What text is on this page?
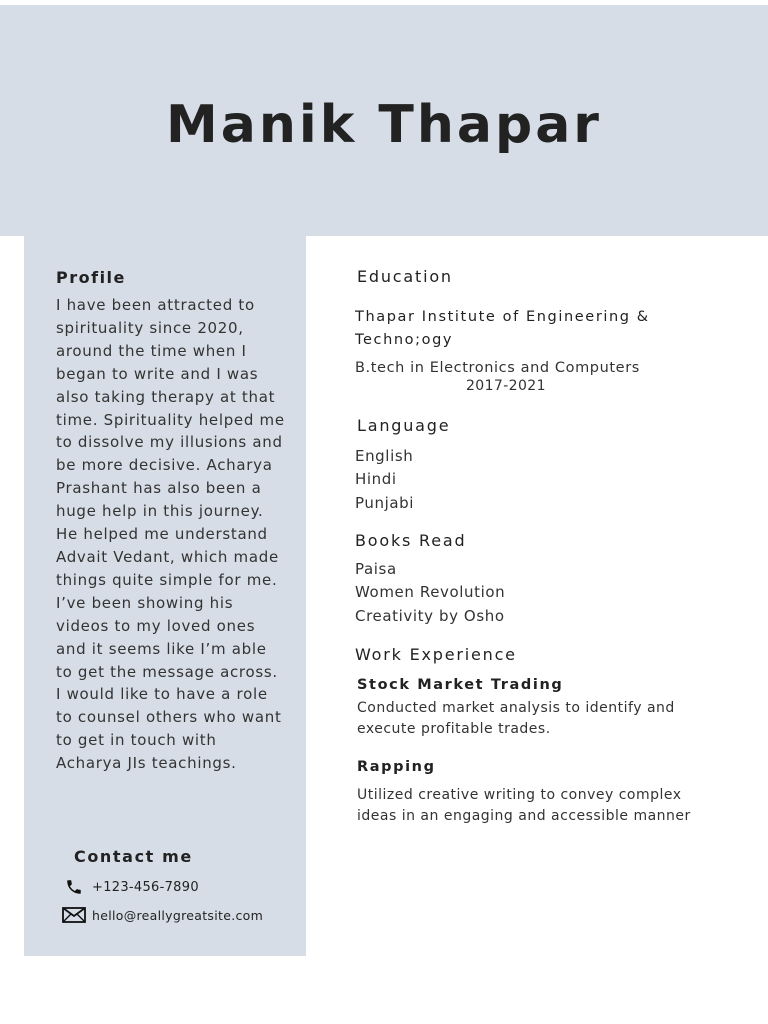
Manik Thapar
Profile

I have been attracted to spirituality since 2020, around the time when I began to write and I was also taking therapy at that time. Spirituality helped me to dissolve my illusions and be more decisive. Acharya Prashant has also been a huge help in this journey. He helped me understand Advait Vedant, which made things quite simple for me. I’ve been showing his videos to my loved ones and it seems like I’m able to get the message across. I would like to have a role to counsel others who want to get in touch with Acharya JIs teachings.

Contact me
+123-456-7890
hello@reallygreatsite.com
Education

Thapar Institute of Engineering & Techno;ogy

B.tech in Electronics and Computers

2017-2021

Language
English
Hindi
Punjabi
Books Read
Paisa
Women Revolution
Creativity by Osho
Work Experience
Stock Market Trading

Conducted market analysis to identify and execute profitable trades.

Rapping

Utilized creative writing to convey complex ideas in an engaging and accessible manner
